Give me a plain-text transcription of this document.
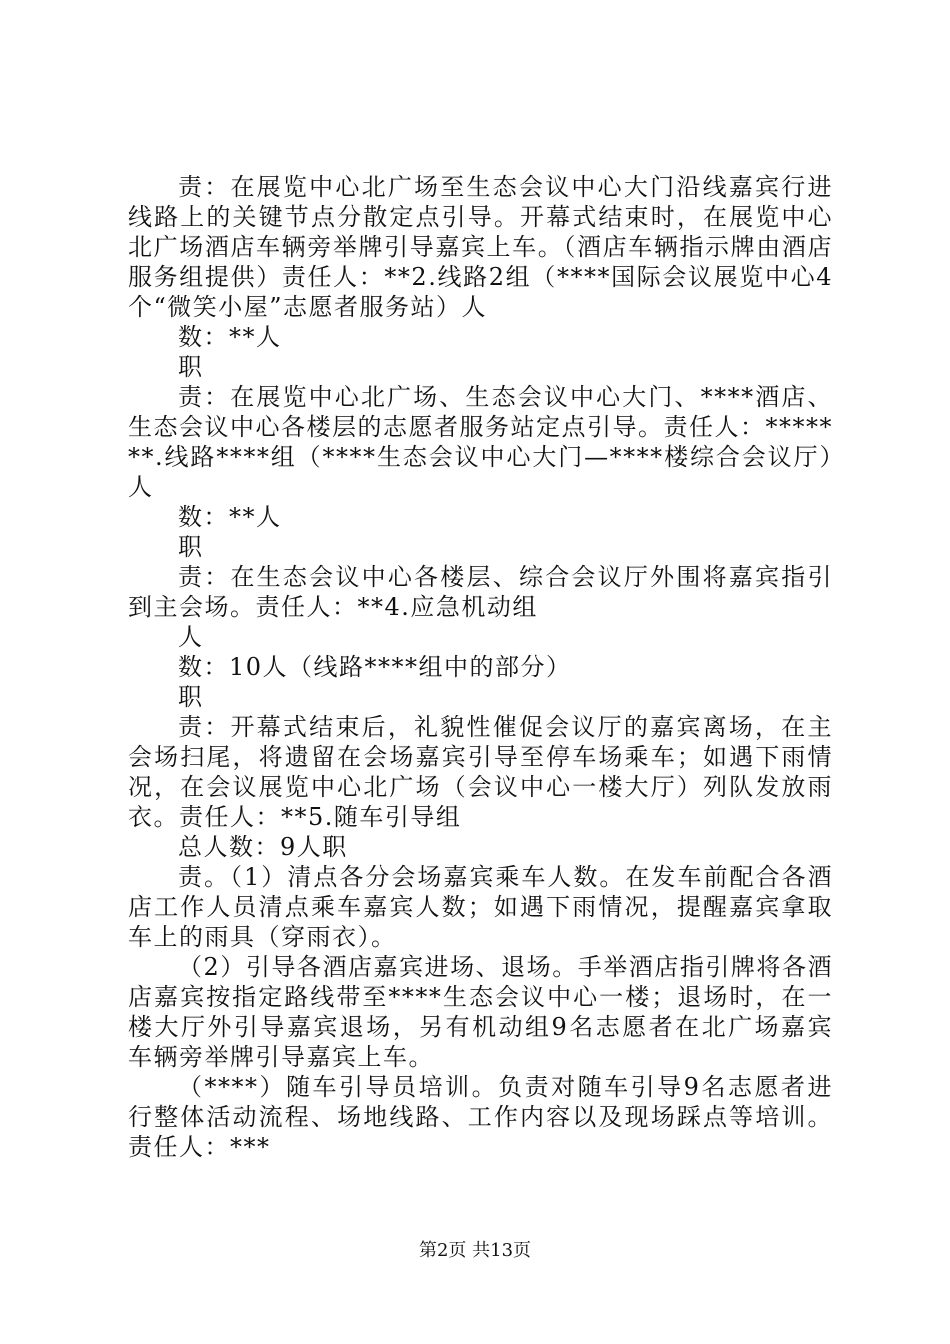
责：在展览中心北广场至生态会议中心大门沿线嘉宾行进线路上的关键节点分散定点引导。开幕式结束时，在展览中心北广场酒店车辆旁举牌引导嘉宾上车。（酒店车辆指示牌由酒店服务组提供）责任人：**2.线路2组（****国际会议展览中心4个“微笑小屋”志愿者服务站）人

数：**人

职

责：在展览中心北广场、生态会议中心大门、****酒店、生态会议中心各楼层的志愿者服务站定点引导。责任人：*******.线路****组（****生态会议中心大门—****楼综合会议厅）人

数：**人

职

责：在生态会议中心各楼层、综合会议厅外围将嘉宾指引到主会场。责任人：**4.应急机动组

人

数：10人（线路****组中的部分）

职

责：开幕式结束后，礼貌性催促会议厅的嘉宾离场，在主会场扫尾，将遗留在会场嘉宾引导至停车场乘车；如遇下雨情况，在会议展览中心北广场（会议中心一楼大厅）列队发放雨衣。责任人：**5.随车引导组

总人数：9人职

责。（1）清点各分会场嘉宾乘车人数。在发车前配合各酒店工作人员清点乘车嘉宾人数；如遇下雨情况，提醒嘉宾拿取车上的雨具（穿雨衣）。

（2）引导各酒店嘉宾进场、退场。手举酒店指引牌将各酒店嘉宾按指定路线带至****生态会议中心一楼；退场时，在一楼大厅外引导嘉宾退场，另有机动组9名志愿者在北广场嘉宾车辆旁举牌引导嘉宾上车。

（****）随车引导员培训。负责对随车引导9名志愿者进行整体活动流程、场地线路、工作内容以及现场踩点等培训。责任人：***

第2页 共13页
